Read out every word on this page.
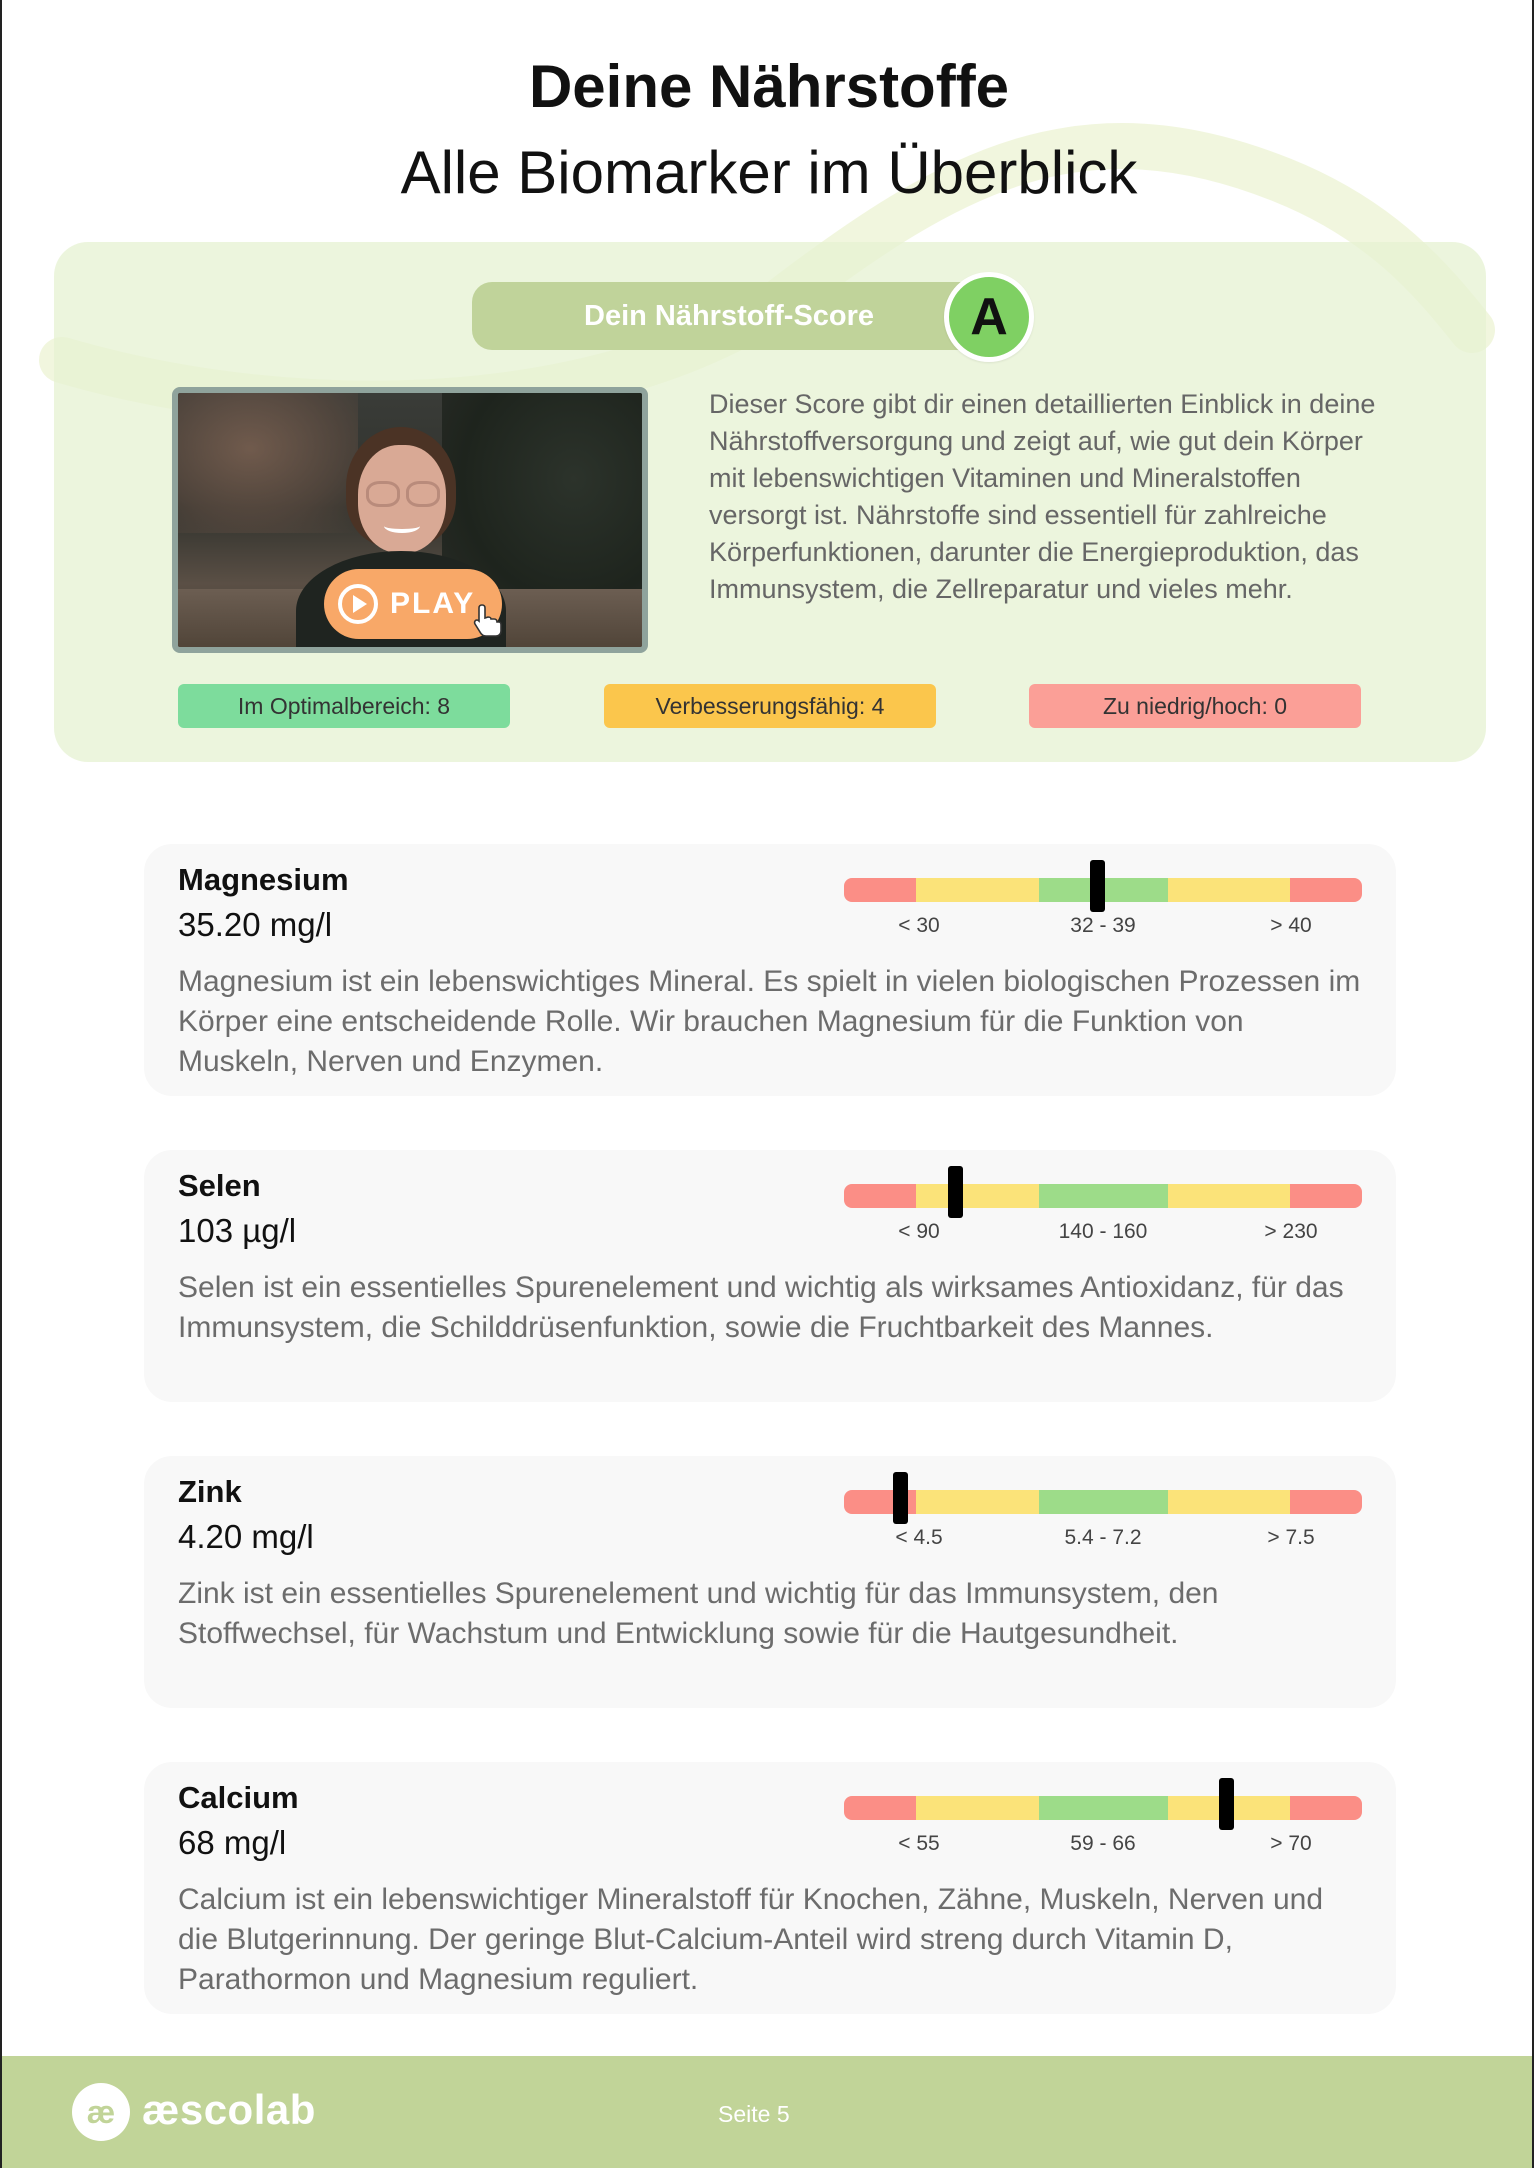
Deine Nährstoffe
Alle Biomarker im Überblick
Dein Nährstoff-Score	A
PLAY
Dieser Score gibt dir einen detaillierten Einblick in deine Nährstoffversorgung und zeigt auf, wie gut dein Körper mit lebenswichtigen Vitaminen und Mineralstoffen versorgt ist. Nährstoffe sind essentiell für zahlreiche Körperfunktionen, darunter die Energieproduktion, das Immunsystem, die Zellreparatur und vieles mehr.
Im Optimalbereich: 8	Verbesserungsfähig: 4	Zu niedrig/hoch: 0
Magnesium
35.20 mg/l	< 30	32 - 39	> 40
Magnesium ist ein lebenswichtiges Mineral. Es spielt in vielen biologischen Prozessen im Körper eine entscheidende Rolle. Wir brauchen Magnesium für die Funktion von Muskeln, Nerven und Enzymen.
Selen
103 µg/l	< 90	140 - 160	> 230
Selen ist ein essentielles Spurenelement und wichtig als wirksames Antioxidanz, für das Immunsystem, die Schilddrüsenfunktion, sowie die Fruchtbarkeit des Mannes.
Zink
4.20 mg/l	< 4.5	5.4 - 7.2	> 7.5
Zink ist ein essentielles Spurenelement und wichtig für das Immunsystem, den Stoffwechsel, für Wachstum und Entwicklung sowie für die Hautgesundheit.
Calcium
68 mg/l	< 55	59 - 66	> 70
Calcium ist ein lebenswichtiger Mineralstoff für Knochen, Zähne, Muskeln, Nerven und die Blutgerinnung. Der geringe Blut-Calcium-Anteil wird streng durch Vitamin D, Parathormon und Magnesium reguliert.
æ æscolab	Seite 5
